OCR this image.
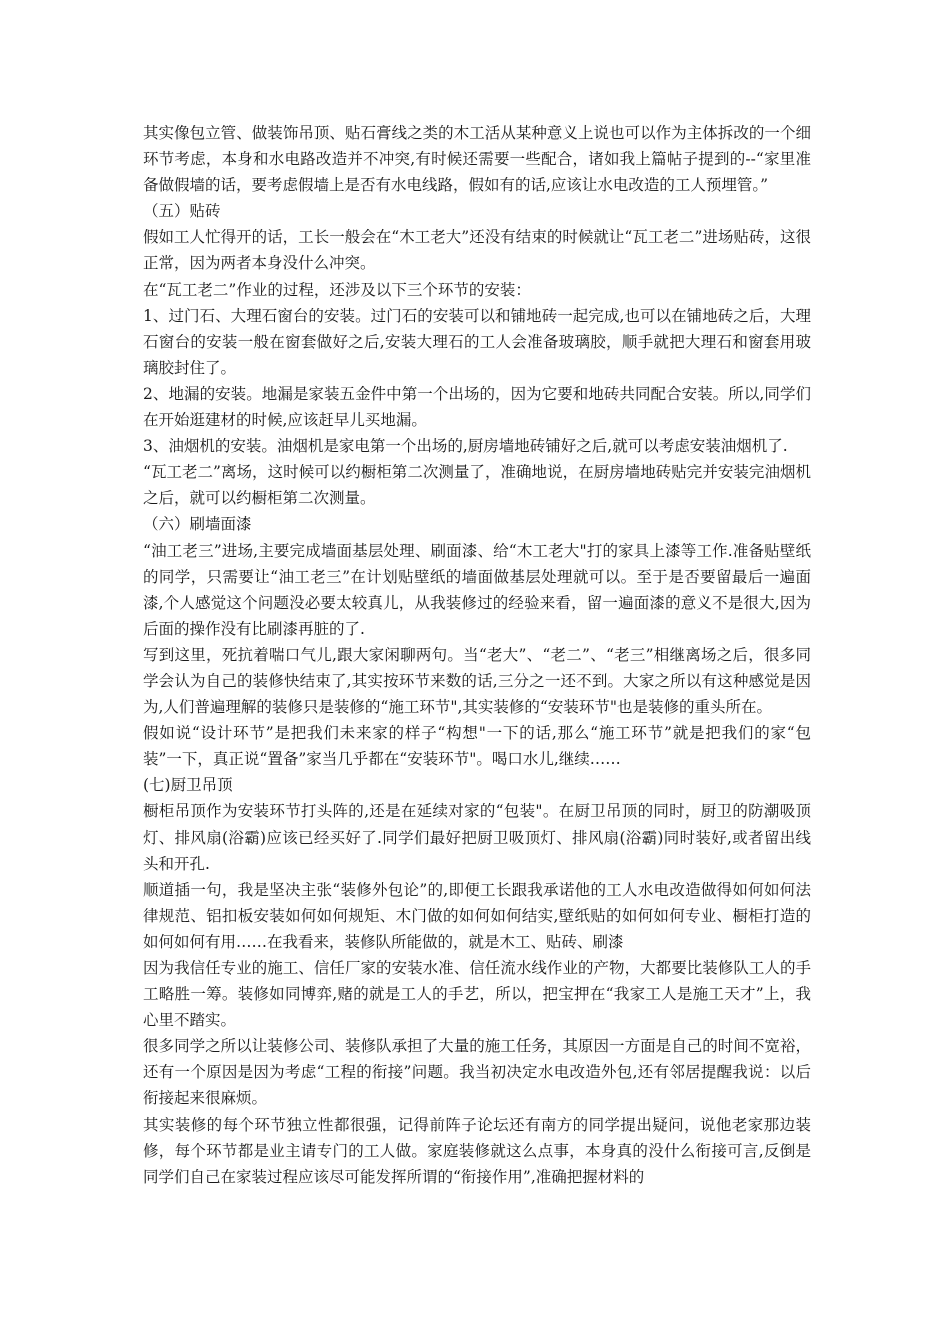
其实像包立管、做装饰吊顶、贴石膏线之类的木工活从某种意义上说也可以作为主体拆改的一个细环节考虑，本身和水电路改造并不冲突,有时候还需要一些配合，诸如我上篇帖子提到的--“家里准备做假墙的话，要考虑假墙上是否有水电线路，假如有的话,应该让水电改造的工人预埋管。”

（五）贴砖

假如工人忙得开的话，工长一般会在“木工老大”还没有结束的时候就让“瓦工老二”进场贴砖，这很正常，因为两者本身没什么冲突。

在“瓦工老二”作业的过程，还涉及以下三个环节的安装：

1、过门石、大理石窗台的安装。过门石的安装可以和铺地砖一起完成,也可以在铺地砖之后，大理石窗台的安装一般在窗套做好之后,安装大理石的工人会准备玻璃胶，顺手就把大理石和窗套用玻璃胶封住了。

2、地漏的安装。地漏是家装五金件中第一个出场的，因为它要和地砖共同配合安装。所以,同学们在开始逛建材的时候,应该赶早儿买地漏。

3、油烟机的安装。油烟机是家电第一个出场的,厨房墙地砖铺好之后,就可以考虑安装油烟机了.

“瓦工老二”离场，这时候可以约橱柜第二次测量了，准确地说，在厨房墙地砖贴完并安装完油烟机之后，就可以约橱柜第二次测量。

（六）刷墙面漆

“油工老三”进场,主要完成墙面基层处理、刷面漆、给“木工老大"打的家具上漆等工作.准备贴壁纸的同学，只需要让“油工老三”在计划贴壁纸的墙面做基层处理就可以。至于是否要留最后一遍面漆,个人感觉这个问题没必要太较真儿，从我装修过的经验来看，留一遍面漆的意义不是很大,因为后面的操作没有比刷漆再脏的了.

写到这里，死抗着喘口气儿,跟大家闲聊两句。当“老大”、“老二”、“老三”相继离场之后，很多同学会认为自己的装修快结束了,其实按环节来数的话,三分之一还不到。大家之所以有这种感觉是因为,人们普遍理解的装修只是装修的“施工环节",其实装修的“安装环节"也是装修的重头所在。

假如说“设计环节”是把我们未来家的样子“构想"一下的话,那么“施工环节”就是把我们的家“包装”一下，真正说“置备”家当几乎都在“安装环节"。喝口水儿,继续……

(七)厨卫吊顶

橱柜吊顶作为安装环节打头阵的,还是在延续对家的“包装"。在厨卫吊顶的同时，厨卫的防潮吸顶灯、排风扇(浴霸)应该已经买好了.同学们最好把厨卫吸顶灯、排风扇(浴霸)同时装好,或者留出线头和开孔.

顺道插一句，我是坚决主张“装修外包论”的,即便工长跟我承诺他的工人水电改造做得如何如何法律规范、铝扣板安装如何如何规矩、木门做的如何如何结实,壁纸贴的如何如何专业、橱柜打造的如何如何有用……在我看来，装修队所能做的，就是木工、贴砖、刷漆

因为我信任专业的施工、信任厂家的安装水准、信任流水线作业的产物，大都要比装修队工人的手工略胜一筹。装修如同博弈,赌的就是工人的手艺，所以，把宝押在“我家工人是施工天才”上，我心里不踏实。

很多同学之所以让装修公司、装修队承担了大量的施工任务，其原因一方面是自己的时间不宽裕，还有一个原因是因为考虑“工程的衔接”问题。我当初决定水电改造外包,还有邻居提醒我说：以后衔接起来很麻烦。

其实装修的每个环节独立性都很强，记得前阵子论坛还有南方的同学提出疑问，说他老家那边装修，每个环节都是业主请专门的工人做。家庭装修就这么点事，本身真的没什么衔接可言,反倒是同学们自己在家装过程应该尽可能发挥所谓的“衔接作用”,准确把握材料的
